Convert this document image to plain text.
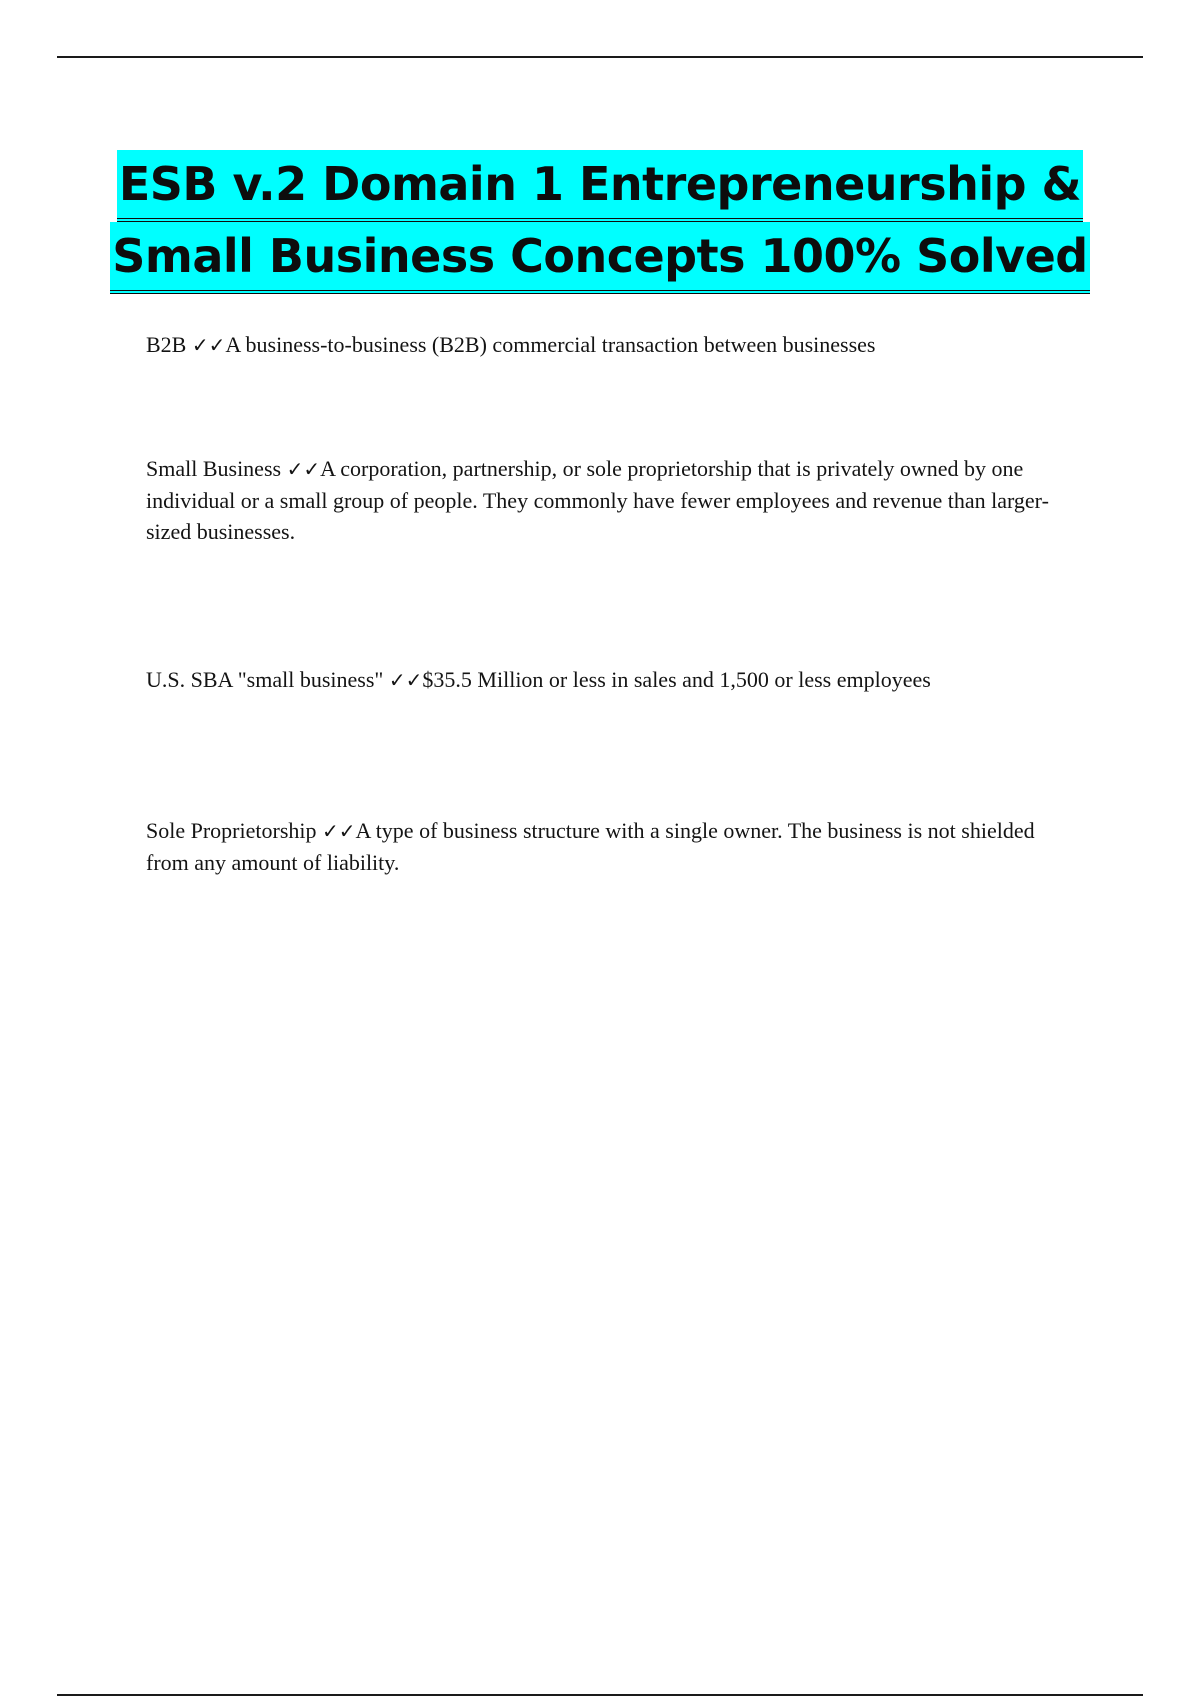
ESB v.2 Domain 1 Entrepreneurship &
Small Business Concepts 100% Solved
B2B ✓✓A business-to-business (B2B) commercial transaction between businesses
Small Business ✓✓A corporation, partnership, or sole proprietorship that is privately owned by one individual or a small group of people. They commonly have fewer employees and revenue than larger-sized businesses.
U.S. SBA "small business" ✓✓$35.5 Million or less in sales and 1,500 or less employees
Sole Proprietorship ✓✓A type of business structure with a single owner. The business is not shielded from any amount of liability.
